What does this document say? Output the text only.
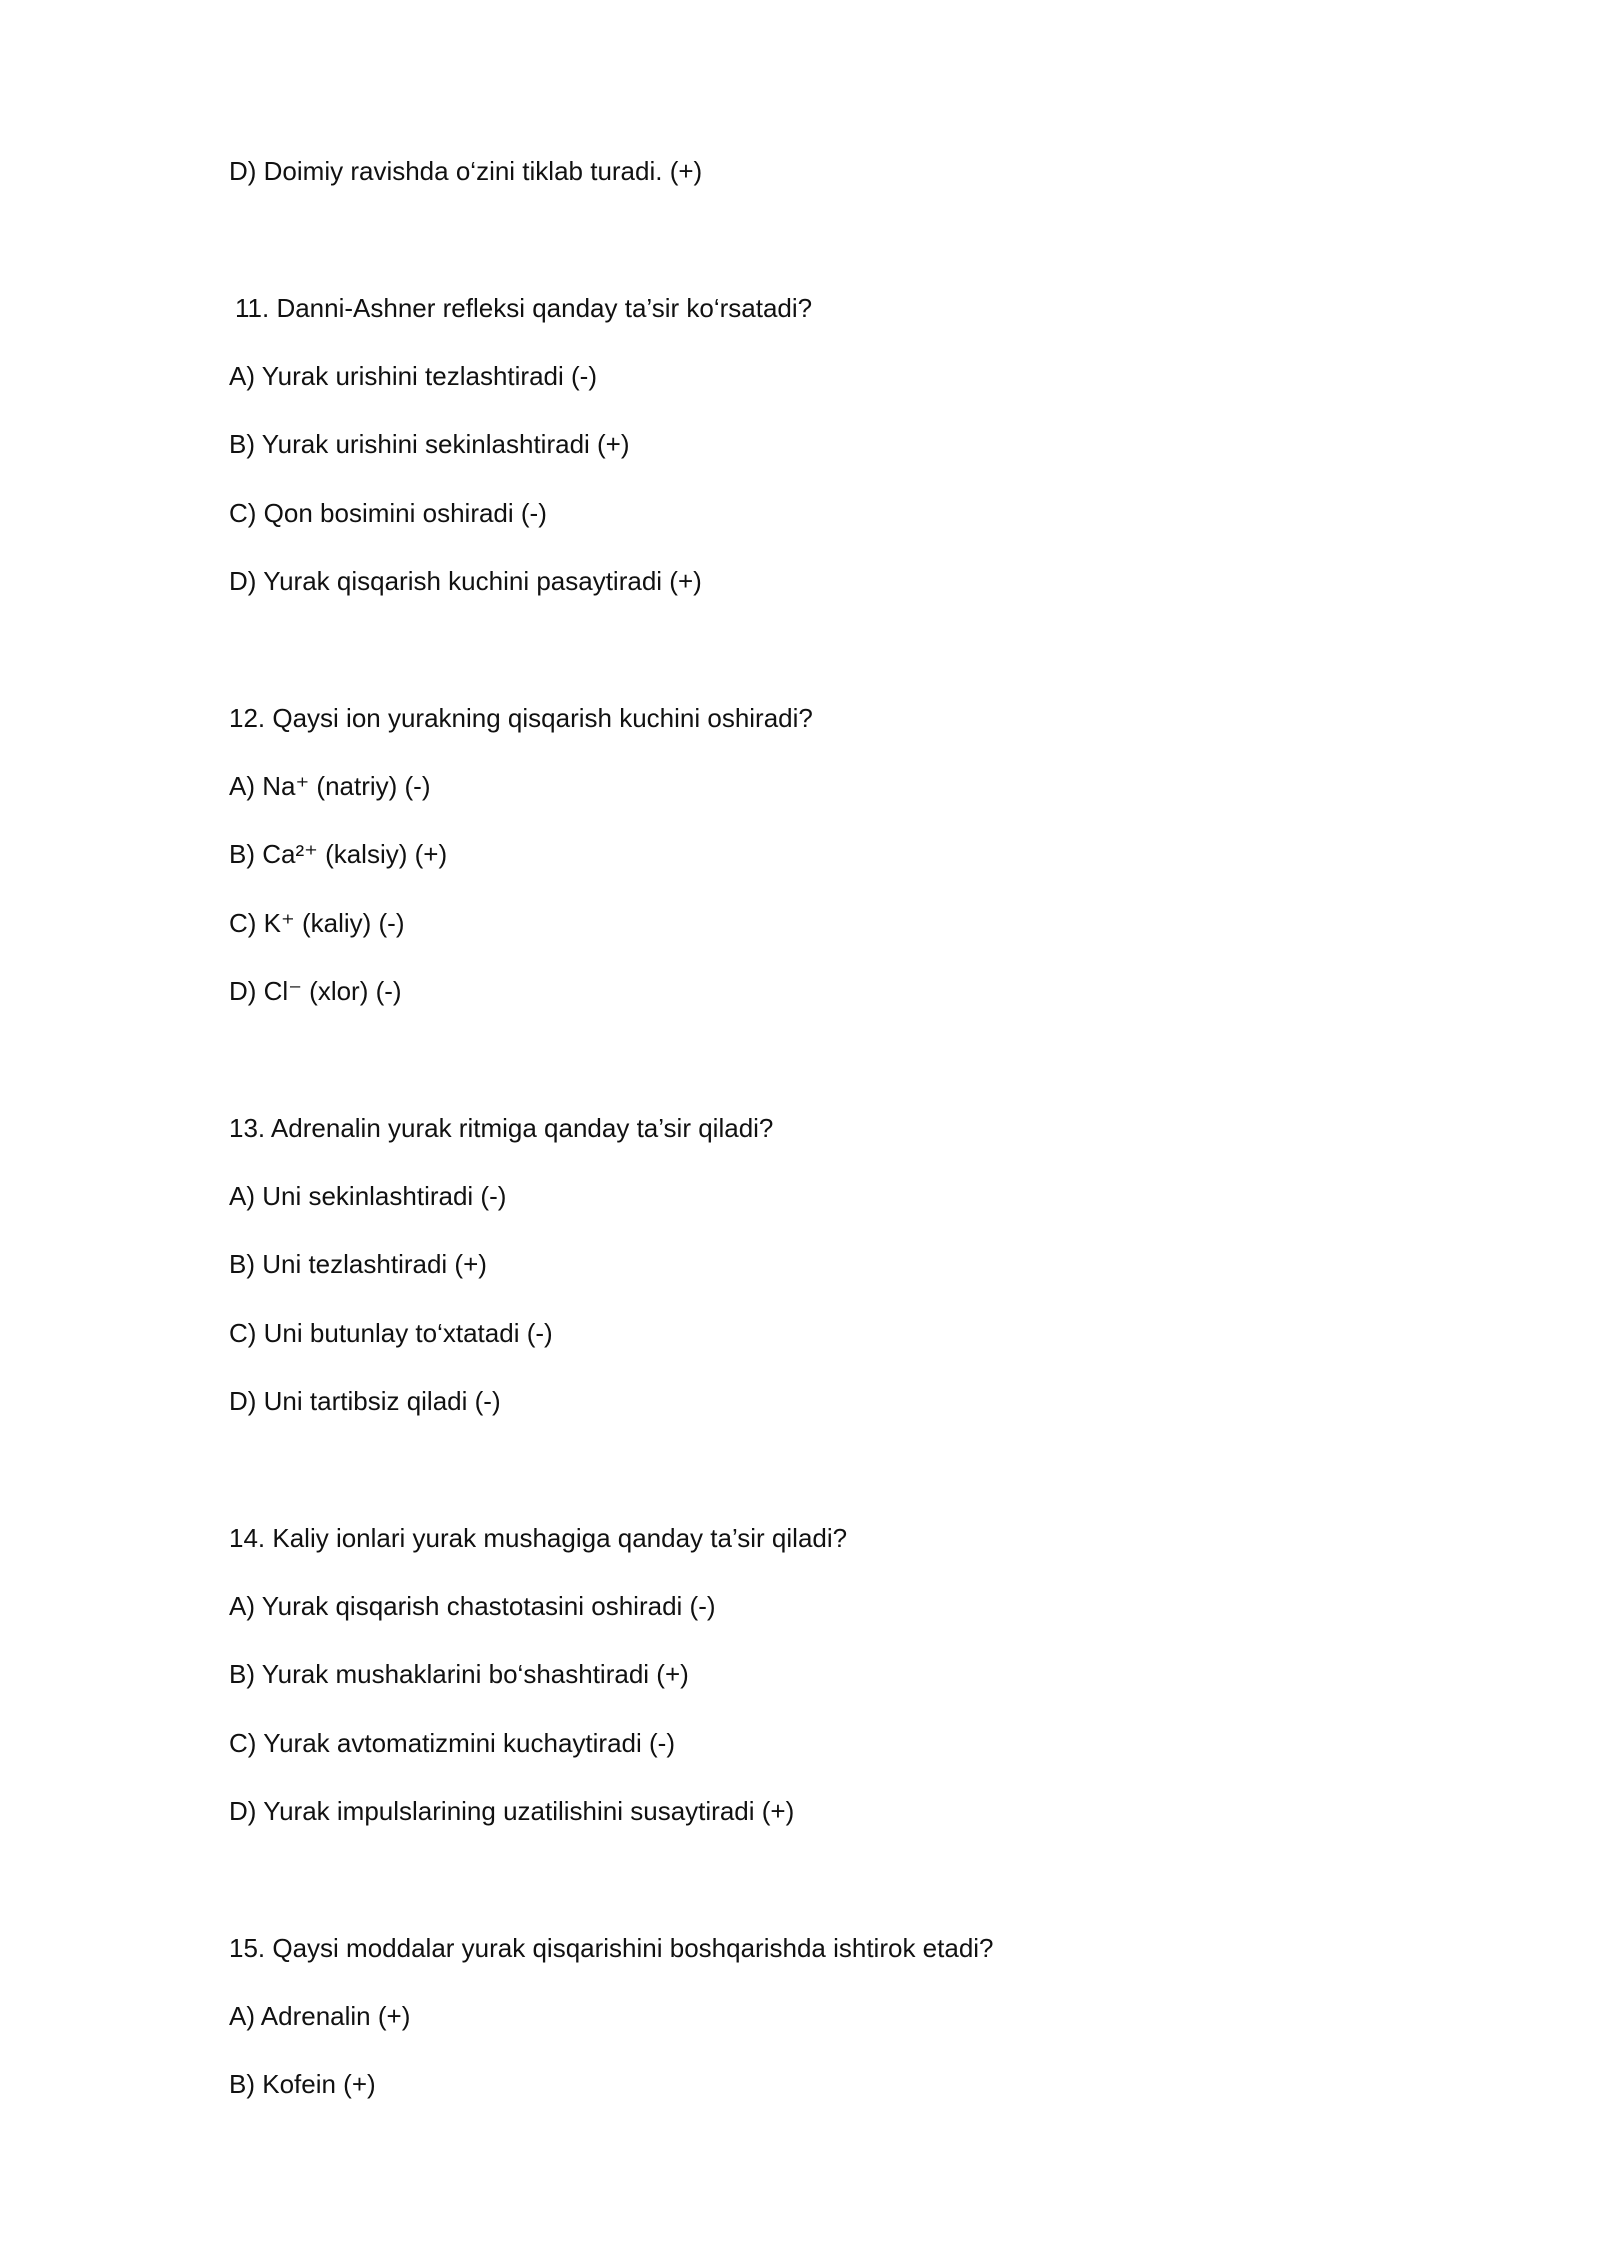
D) Doimiy ravishda o‘zini tiklab turadi. (+)
11. Danni-Ashner refleksi qanday ta’sir ko‘rsatadi?
A) Yurak urishini tezlashtiradi (-)
B) Yurak urishini sekinlashtiradi (+)
C) Qon bosimini oshiradi (-)
D) Yurak qisqarish kuchini pasaytiradi (+)
12. Qaysi ion yurakning qisqarish kuchini oshiradi?
A) Na⁺ (natriy) (-)
B) Ca²⁺ (kalsiy) (+)
C) K⁺ (kaliy) (-)
D) Cl⁻ (xlor) (-)
13. Adrenalin yurak ritmiga qanday ta’sir qiladi?
A) Uni sekinlashtiradi (-)
B) Uni tezlashtiradi (+)
C) Uni butunlay to‘xtatadi (-)
D) Uni tartibsiz qiladi (-)
14. Kaliy ionlari yurak mushagiga qanday ta’sir qiladi?
A) Yurak qisqarish chastotasini oshiradi (-)
B) Yurak mushaklarini bo‘shashtiradi (+)
C) Yurak avtomatizmini kuchaytiradi (-)
D) Yurak impulslarining uzatilishini susaytiradi (+)
15. Qaysi moddalar yurak qisqarishini boshqarishda ishtirok etadi?
A) Adrenalin (+)
B) Kofein (+)
